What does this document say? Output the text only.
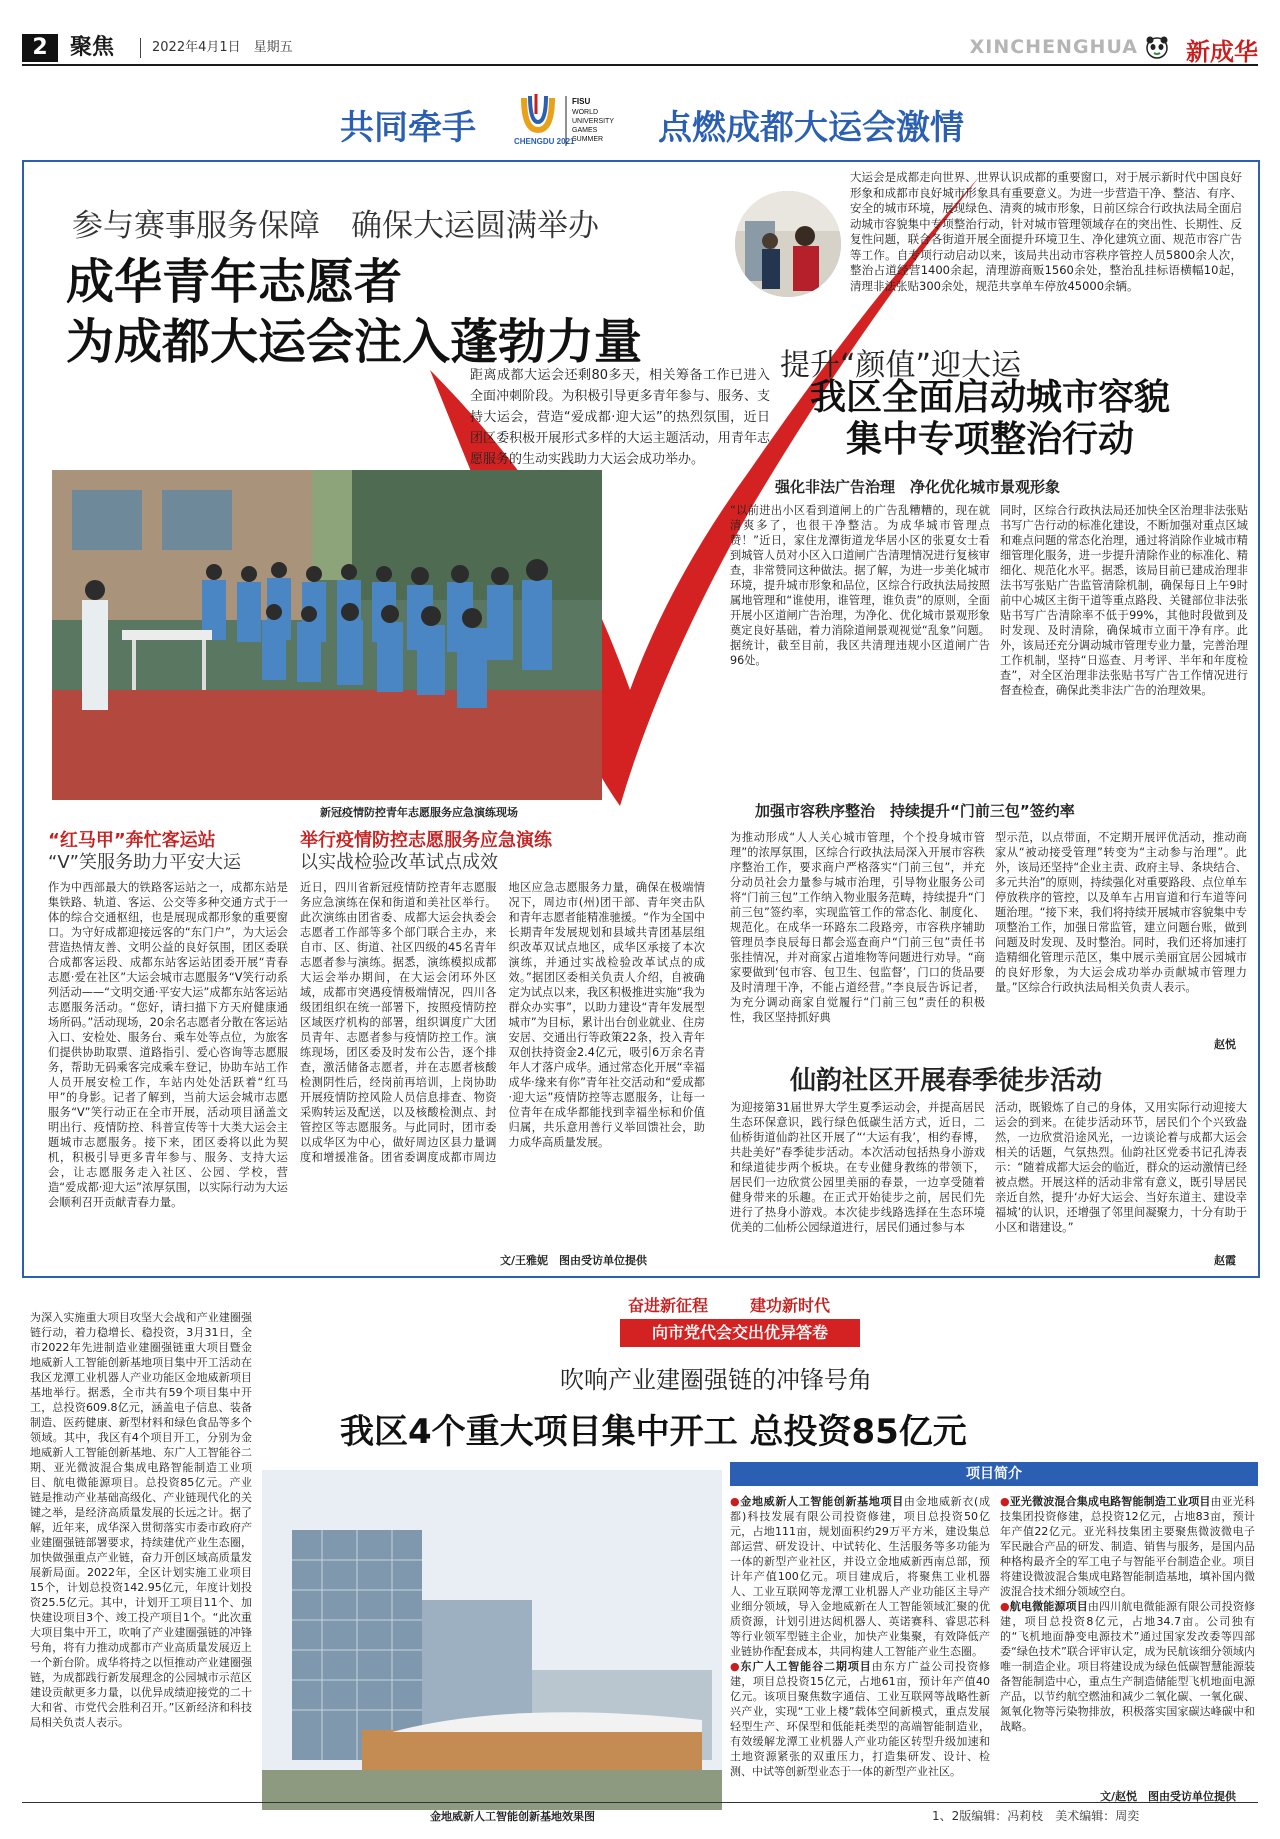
2	聚焦	2022年4月1日　星期五	XINCHENGHUA 新成华
共同牵手	CHENGDU 2021
FISU
WORLD
UNIVERSITY
GAMES
SUMMER 点燃成都大运会激情
参与赛事服务保障　确保大运圆满举办
成华青年志愿者
为成都大运会注入蓬勃力量
距离成都大运会还剩80多天，相关筹备工作已进入全面冲刺阶段。为积极引导更多青年参与、服务、支持大运会，营造“爱成都·迎大运”的热烈氛围，近日团区委积极开展形式多样的大运主题活动，用青年志愿服务的生动实践助力大运会成功举办。
大运会是成都走向世界、世界认识成都的重要窗口，对于展示新时代中国良好形象和成都市良好城市形象具有重要意义。为进一步营造干净、整洁、有序、安全的城市环境，展现绿色、清爽的城市形象，日前区综合行政执法局全面启动城市容貌集中专项整治行动，针对城市管理领域存在的突出性、长期性、反复性问题，联合各街道开展全面提升环境卫生、净化建筑立面、规范市容广告等工作。自专项行动启动以来，该局共出动市容秩序管控人员5800余人次，整治占道经营1400余起，清理游商贩1560余处，整治乱挂标语横幅10起，清理非法张贴300余处，规范共享单车停放45000余辆。
提升“颜值”迎大运
我区全面启动城市容貌
集中专项整治行动
强化非法广告治理　净化优化城市景观形象
“以前进出小区看到道闸上的广告乱糟糟的，现在就清爽多了，也很干净整洁。为成华城市管理点赞！”近日，家住龙潭街道龙华居小区的张夏女士看到城管人员对小区入口道闸广告清理情况进行复核审查，非常赞同这种做法。据了解，为进一步美化城市环境，提升城市形象和品位，区综合行政执法局按照属地管理和“谁使用，谁管理，谁负责”的原则，全面开展小区道闸广告治理，为净化、优化城市景观形象奠定良好基础，着力消除道闸景观视觉“乱象”问题。据统计，截至目前，我区共清理违规小区道闸广告96处。
同时，区综合行政执法局还加快全区治理非法张贴书写广告行动的标准化建设，不断加强对重点区域和难点问题的常态化治理，通过将消除作业城市精细管理化服务，进一步提升清除作业的标准化、精细化、规范化水平。据悉，该局目前已建成治理非法书写张贴广告监管清除机制，确保每日上午9时前中心城区主街干道等重点路段、关键部位非法张贴书写广告清除率不低于99%，其他时段做到及时发现、及时清除，确保城市立面干净有序。此外，该局还充分调动城市管理专业力量，完善治理工作机制，坚持“日巡查、月考评、半年和年度检查”，对全区治理非法张贴书写广告工作情况进行督查检查，确保此类非法广告的治理效果。
新冠疫情防控青年志愿服务应急演练现场
“红马甲”奔忙客运站
“V”笑服务助力平安大运
作为中西部最大的铁路客运站之一，成都东站是集铁路、轨道、客运、公交等多种交通方式于一体的综合交通枢纽，也是展现成都形象的重要窗口。为守好成都迎接远客的“东门户”，为大运会营造热情友善、文明公益的良好氛围，团区委联合成都客运段、成都东站客运站团委开展“青春志愿·爱在社区”大运会城市志愿服务“V笑行动系列活动——“文明交通·平安大运”成都东站客运站志愿服务活动。“您好，请扫描下方天府健康通场所码。”活动现场，20余名志愿者分散在客运站入口、安检处、服务台、乘车处等点位，为旅客们提供协助取票、道路指引、爱心咨询等志愿服务，帮助无码乘客完成乘车登记，协助车站工作人员开展安检工作，车站内处处活跃着“红马甲”的身影。记者了解到，当前大运会城市志愿服务“V”笑行动正在全市开展，活动项目涵盖文明出行、疫情防控、科普宣传等十大类大运会主题城市志愿服务。接下来，团区委将以此为契机，积极引导更多青年参与、服务、支持大运会，让志愿服务走入社区、公园、学校，营造“爱成都·迎大运”浓厚氛围，以实际行动为大运会顺利召开贡献青春力量。
举行疫情防控志愿服务应急演练
以实战检验改革试点成效
近日，四川省新冠疫情防控青年志愿服务应急演练在保和街道和美社区举行。此次演练由团省委、成都大运会执委会志愿者工作部等多个部门联合主办，来自市、区、街道、社区四级的45名青年志愿者参与演练。据悉，演练模拟成都大运会举办期间，在大运会闭环外区域，成都市突遇疫情极端情况，四川各级团组织在统一部署下，按照疫情防控区域医疗机构的部署，组织调度广大团员青年、志愿者参与疫情防控工作。演练现场，团区委及时发布公告，逐个排查，激活储备志愿者，并在志愿者核酸检测阴性后，经岗前再培训，上岗协助开展疫情防控风险人员信息排查、物资采购转运及配送，以及核酸检测点、封管控区等志愿服务。与此同时，团市委以成华区为中心，做好周边区县力量调度和增援准备。团省委调度成都市周边地区应急志愿服务力量，确保在极端情况下，周边市(州)团干部、青年突击队和青年志愿者能精准驰援。“作为全国中长期青年发展规划和县域共青团基层组织改革双试点地区，成华区承接了本次演练，并通过实战检验改革试点的成效。”据团区委相关负责人介绍，自被确定为试点以来，我区积极推进实施“我为群众办实事”，以助力建设“青年发展型城市”为目标，累计出台创业就业、住房安居、交通出行等政策22条，投入青年双创扶持资金2.4亿元，吸引6万余名青年人才落户成华。通过常态化开展“幸福成华·缘来有你”青年社交活动和“爱成都·迎大运”疫情防控等志愿服务，让每一位青年在成华都能找到幸福坐标和价值归属，共乐意用善行义举回馈社会，助力成华高质量发展。
文/王雅妮　图由受访单位提供
加强市容秩序整治　持续提升“门前三包”签约率
为推动形成“人人关心城市管理，个个投身城市管理”的浓厚氛围，区综合行政执法局深入开展市容秩序整治工作，要求商户严格落实“门前三包”，并充分动员社会力量参与城市治理，引导物业服务公司将“门前三包”工作纳入物业服务范畴，持续提升“门前三包”签约率，实现监管工作的常态化、制度化、规范化。在成华一环路东二段路旁，市容秩序辅助管理员李良辰每日都会巡查商户“门前三包”责任书张挂情况，并对商家占道堆物等问题进行劝导。“商家要做到‘包市容、包卫生、包监督’，门口的货品要及时清理干净，不能占道经营。”李良辰告诉记者，为充分调动商家自觉履行“门前三包”责任的积极性，我区坚持抓好典
型示范，以点带面，不定期开展评优活动，推动商家从“被动接受管理”转变为“主动参与治理”。此外，该局还坚持“企业主责、政府主导、条块结合、多元共治”的原则，持续强化对重要路段、点位单车停放秩序的管控，以及单车占用盲道和行车道等问题治理。“接下来，我们将持续开展城市容貌集中专项整治工作，加强日常监管，建立问题台账，做到问题及时发现、及时整治。同时，我们还将加速打造精细化管理示范区，集中展示美丽宜居公园城市的良好形象，为大运会成功举办贡献城市管理力量。”区综合行政执法局相关负责人表示。
赵悦
仙韵社区开展春季徒步活动
为迎接第31届世界大学生夏季运动会，并提高居民生态环保意识，践行绿色低碳生活方式，近日，二仙桥街道仙韵社区开展了“‘大运有我’，相约春博，共赴美好”春季徒步活动。本次活动包括热身小游戏和绿道徒步两个板块。在专业健身教练的带领下，居民们一边欣赏公园里美丽的春景，一边享受随着健身带来的乐趣。在正式开始徒步之前，居民们先进行了热身小游戏。本次徒步线路选择在生态环境优美的二仙桥公园绿道进行，居民们通过参与本
活动，既锻炼了自己的身体，又用实际行动迎接大运会的到来。在徒步活动环节，居民们个个兴致盎然，一边欣赏沿途风光，一边谈论着与成都大运会相关的话题，气氛热烈。仙韵社区党委书记孔涛表示：“随着成都大运会的临近，群众的运动激情已经被点燃。开展这样的活动非常有意义，既引导居民亲近自然，提升‘办好大运会、当好东道主、建设幸福城’的认识，还增强了邻里间凝聚力，十分有助于小区和谐建设。”
赵霞
为深入实施重大项目攻坚大会战和产业建圈强链行动，着力稳增长、稳投资，3月31日，全市2022年先进制造业建圈强链重大项目暨金地威新人工智能创新基地项目集中开工活动在我区龙潭工业机器人产业功能区金地威新项目基地举行。据悉，全市共有59个项目集中开工，总投资609.8亿元，涵盖电子信息、装备制造、医药健康、新型材料和绿色食品等多个领域。其中，我区有4个项目开工，分别为金地威新人工智能创新基地、东广人工智能谷二期、亚光微波混合集成电路智能制造工业项目、航电微能源项目。总投资85亿元。产业链是推动产业基础高级化、产业链现代化的关键之举，是经济高质量发展的长远之计。据了解，近年来，成华深入贯彻落实市委市政府产业建圈强链部署要求，持续建优产业生态圈，加快做强重点产业链，奋力开创区域高质量发展新局面。2022年，全区计划实施工业项目15个，计划总投资142.95亿元，年度计划投资25.5亿元。其中，计划开工项目11个、加快建设项目3个、竣工投产项目1个。“此次重大项目集中开工，吹响了产业建圈强链的冲锋号角，将有力推动成都市产业高质量发展迈上一个新台阶。成华将持之以恒推动产业建圈强链，为成都践行新发展理念的公园城市示范区建设贡献更多力量，以优异成绩迎接党的二十大和省、市党代会胜利召开。”区新经济和科技局相关负责人表示。
奋进新征程	建功新时代
向市党代会交出优异答卷
吹响产业建圈强链的冲锋号角
我区4个重大项目集中开工 总投资85亿元
金地威新人工智能创新基地效果图
项目简介
●金地威新人工智能创新基地项目由金地威新衣(成都)科技发展有限公司投资修建，项目总投资50亿元，占地111亩，规划面积约29万平方米，建设集总部运营、研发设计、中试转化、生活服务等多功能为一体的新型产业社区，并设立金地威新西南总部，预计年产值100亿元。项目建成后，将聚焦工业机器人、工业互联网等龙潭工业机器人产业功能区主导产业细分领域，导入金地威新在人工智能领域汇聚的优质资源，计划引进达闼机器人、英诺赛科、睿思芯科等行业领军型链主企业，加快产业集聚，有效降低产业链协作配套成本，共同构建人工智能产业生态圈。
●东广人工智能谷二期项目由东方广益公司投资修建，项目总投资15亿元，占地61亩，预计年产值40亿元。该项目聚焦数字通信、工业互联网等战略性新兴产业，实现“工业上楼”载体空间新模式，重点发展轻型生产、环保型和低能耗类型的高端智能制造业，有效缓解龙潭工业机器人产业功能区转型升级加速和土地资源紧张的双重压力，打造集研发、设计、检测、中试等创新型业态于一体的新型产业社区。
●亚光微波混合集成电路智能制造工业项目由亚光科技集团投资修建，总投资12亿元，占地83亩，预计年产值22亿元。亚光科技集团主要聚焦微波微电子军民融合产品的研发、制造、销售与服务，是国内品种格构最齐全的军工电子与智能平台制造企业。项目将建设微波混合集成电路智能制造基地，填补国内微波混合技术细分领域空白。
●航电微能源项目由四川航电微能源有限公司投资修建，项目总投资8亿元，占地34.7亩。公司独有的“飞机地面静变电源技术”通过国家发改委等四部委“绿色技术”联合评审认定，成为民航该细分领域内唯一制造企业。项目将建设成为绿色低碳智慧能源装备智能制造中心，重点生产制造储能型飞机地面电源产品，以节约航空燃油和减少二氧化碳、一氧化碳、氮氧化物等污染物排放，积极落实国家碳达峰碳中和战略。
文/赵悦　图由受访单位提供
1、2版编辑：冯莉枝　美术编辑：周奕
